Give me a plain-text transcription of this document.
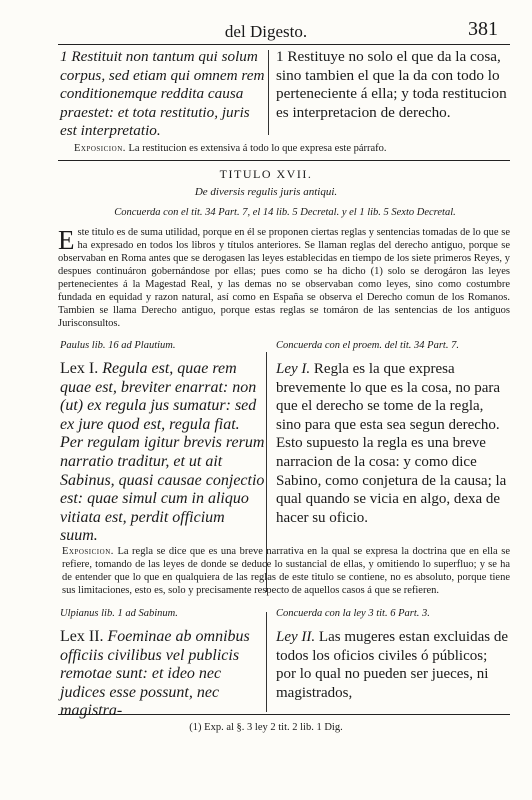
del Digesto.	381
1 Restituit non tantum qui solum corpus, sed etiam qui omnem rem conditionemque reddita causa praestet: et tota restitutio, juris est interpretatio.
1 Restituye no solo el que da la cosa, sino tambien el que la da con todo lo perteneciente á ella; y toda restitucion es interpretacion de derecho.
Exposicion. La restitucion es extensiva á todo lo que expresa este párrafo.
TITULO XVII.
De diversis regulis juris antiqui.
Concuerda con el tit. 34 Part. 7, el 14 lib. 5 Decretal. y el 1 lib. 5 Sexto Decretal.
Este titulo es de suma utilidad, porque en él se proponen ciertas reglas y sentencias tomadas de lo que se ha expresado en todos los libros y títulos anteriores. Se llaman reglas del derecho antiguo, porque se observaban en Roma antes que se derogasen las leyes establecidas en tiempo de los siete primeros Reyes, y despues continuáron gobernándose por ellas; pues como se ha dicho (1) solo se derogáron las leyes pertenecientes á la Magestad Real, y las demas no se observaban como leyes, sino como costumbre fundada en equidad y razon natural, así como en España se observa el Derecho comun de los Romanos. Tambien se llama Derecho antiguo, porque estas reglas se tomáron de las sentencias de los antiguos Jurisconsultos.
Paulus lib. 16 ad Plautium.	Concuerda con el proem. del tit. 34 Part. 7.
Lex I. Regula est, quae rem quae est, breviter enarrat: non (ut) ex regula jus sumatur: sed ex jure quod est, regula fiat. Per regulam igitur brevis rerum narratio traditur, et ut ait Sabinus, quasi causae conjectio est: quae simul cum in aliquo vitiata est, perdit officium suum.
Ley I. Regla es la que expresa brevemente lo que es la cosa, no para que el derecho se tome de la regla, sino para que esta sea segun derecho. Esto supuesto la regla es una breve narracion de la cosa: y como dice Sabino, como conjetura de la causa; la qual quando se vicia en algo, dexa de hacer su oficio.
Exposicion. La regla se dice que es una breve narrativa en la qual se expresa la doctrina que en ella se refiere, tomando de las leyes de donde se deduce lo sustancial de ellas, y omitiendo lo superfluo; y se ha de entender que lo que en qualquiera de las reglas de este titulo se contiene, no es absoluto, porque tiene sus limitaciones, esto es, solo y precisamente respecto de aquellos casos á que se refieren.
Ulpianus lib. 1 ad Sabinum.	Concuerda con la ley 3 tit. 6 Part. 3.
Lex II. Foeminae ab omnibus officiis civilibus vel publicis remotae sunt: et ideo nec judices esse possunt, nec magistra-
Ley II. Las mugeres estan excluidas de todos los oficios civiles ó públicos; por lo qual no pueden ser jueces, ni magistrados,
(1) Exp. al §. 3 ley 2 tit. 2 lib. 1 Dig.
